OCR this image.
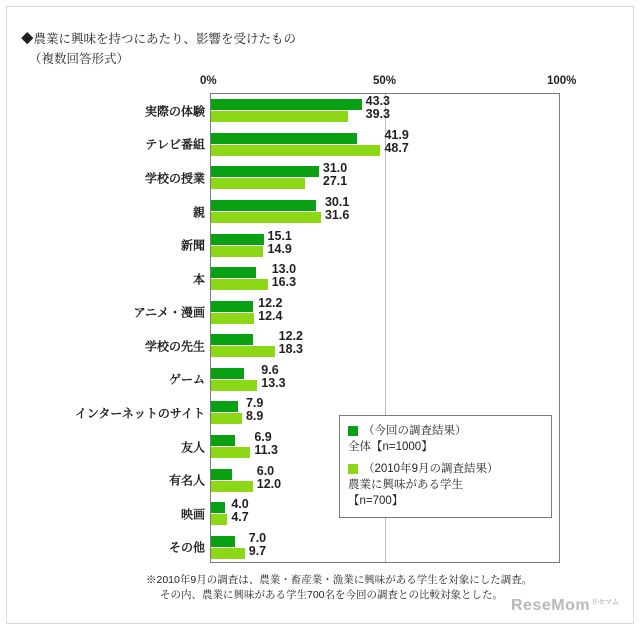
◆農業に興味を持つにあたり、影響を受けたもの
（複数回答形式）
0%	50%	100%
実際の体験
43.3
39.3
テレビ番組
41.9
48.7
学校の授業
31.0
27.1
親
30.1
31.6
新聞
15.1
14.9
本
13.0
16.3
アニメ・漫画
12.2
12.4
学校の先生
12.2
18.3
ゲーム
9.6
13.3
インターネットのサイト
7.9
8.9
友人
6.9
11.3
有名人
6.0
12.0
映画
4.0
4.7
その他
7.0
9.7
（今回の調査結果）
全体【n=1000】
（2010年9月の調査結果）
農業に興味がある学生
【n=700】
※2010年9月の調査は、農業・畜産業・漁業に興味がある学生を対象にした調査。
その内、農業に興味がある学生700名を今回の調査との比較対象とした。
ReseMom$^{リセマム}$
